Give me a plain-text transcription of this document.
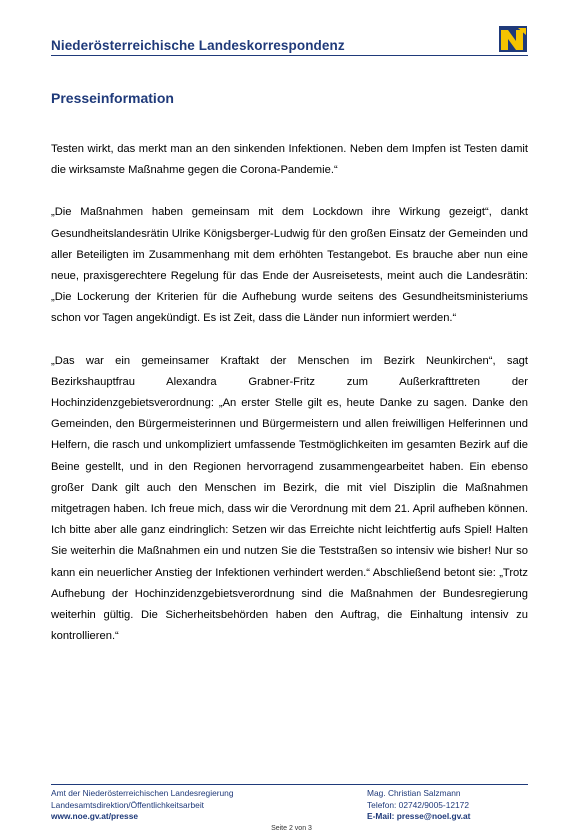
Niederösterreichische Landeskorrespondenz
Presseinformation

Testen wirkt, das merkt man an den sinkenden Infektionen. Neben dem Impfen ist Testen damit die wirksamste Maßnahme gegen die Corona-Pandemie.“

„Die Maßnahmen haben gemeinsam mit dem Lockdown ihre Wirkung gezeigt“, dankt Gesundheitslandesrätin Ulrike Königsberger-Ludwig für den großen Einsatz der Gemeinden und aller Beteiligten im Zusammenhang mit dem erhöhten Testangebot. Es brauche aber nun eine neue, praxisgerechtere Regelung für das Ende der Ausreisetests, meint auch die Landesrätin: „Die Lockerung der Kriterien für die Aufhebung wurde seitens des Gesundheitsministeriums schon vor Tagen angekündigt. Es ist Zeit, dass die Länder nun informiert werden.“

„Das war ein gemeinsamer Kraftakt der Menschen im Bezirk Neunkirchen“, sagt Bezirkshauptfrau Alexandra Grabner-Fritz zum Außerkrafttreten der Hochinzidenzgebietsverordnung: „An erster Stelle gilt es, heute Danke zu sagen. Danke den Gemeinden, den Bürgermeisterinnen und Bürgermeistern und allen freiwilligen Helferinnen und Helfern, die rasch und unkompliziert umfassende Testmöglichkeiten im gesamten Bezirk auf die Beine gestellt, und in den Regionen hervorragend zusammengearbeitet haben. Ein ebenso großer Dank gilt auch den Menschen im Bezirk, die mit viel Disziplin die Maßnahmen mitgetragen haben. Ich freue mich, dass wir die Verordnung mit dem 21. April aufheben können. Ich bitte aber alle ganz eindringlich: Setzen wir das Erreichte nicht leichtfertig aufs Spiel! Halten Sie weiterhin die Maßnahmen ein und nutzen Sie die Teststraßen so intensiv wie bisher! Nur so kann ein neuerlicher Anstieg der Infektionen verhindert werden.“ Abschließend betont sie: „Trotz Aufhebung der Hochinzidenzgebietsverordnung sind die Maßnahmen der Bundesregierung weiterhin gültig. Die Sicherheitsbehörden haben den Auftrag, die Einhaltung intensiv zu kontrollieren.“

Amt der Niederösterreichischen Landesregierung
Landesamtsdirektion/Öffentlichkeitsarbeit
www.noe.gv.at/presse
Mag. Christian Salzmann
Telefon: 02742/9005-12172
E-Mail: presse@noel.gv.at
Seite 2 von 3
